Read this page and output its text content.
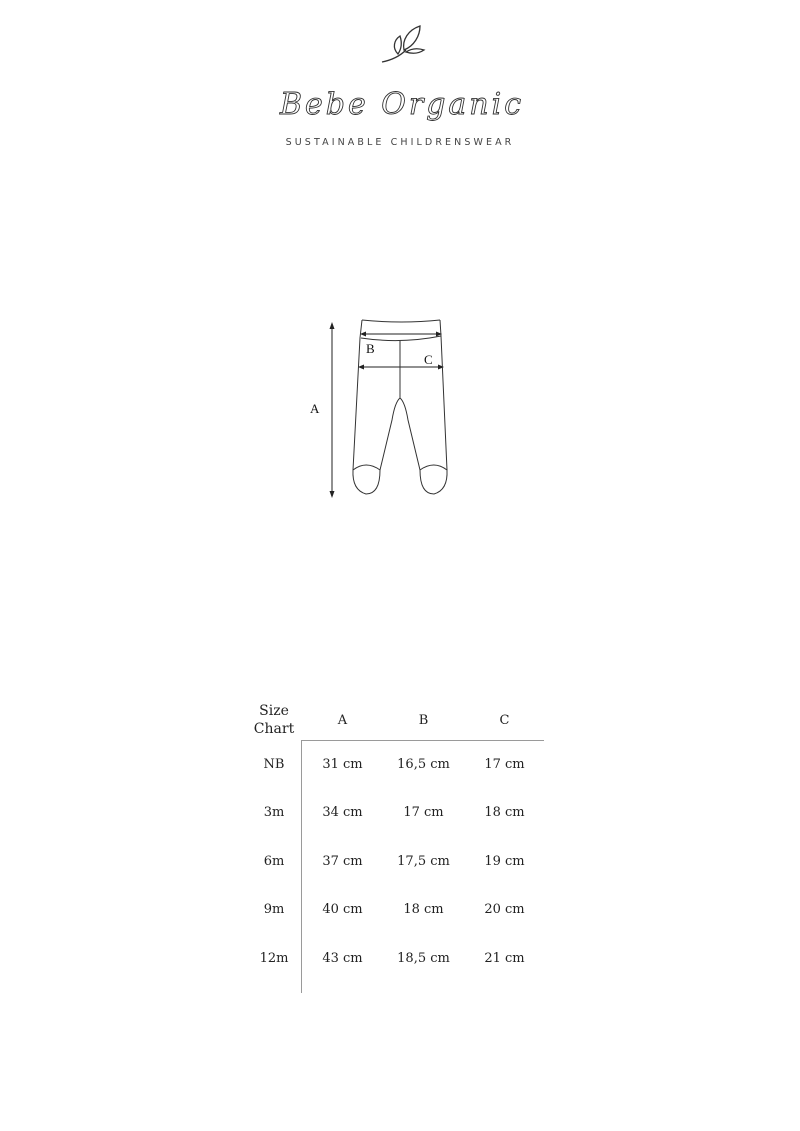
Bebe Organic
SUSTAINABLE CHILDRENSWEAR
A
B
C
Size
Chart	A	B	C
NB	31 cm	16,5 cm	17 cm
3m	34 cm	17 cm	18 cm
6m	37 cm	17,5 cm	19 cm
9m	40 cm	18 cm	20 cm
12m	43 cm	18,5 cm	21 cm
